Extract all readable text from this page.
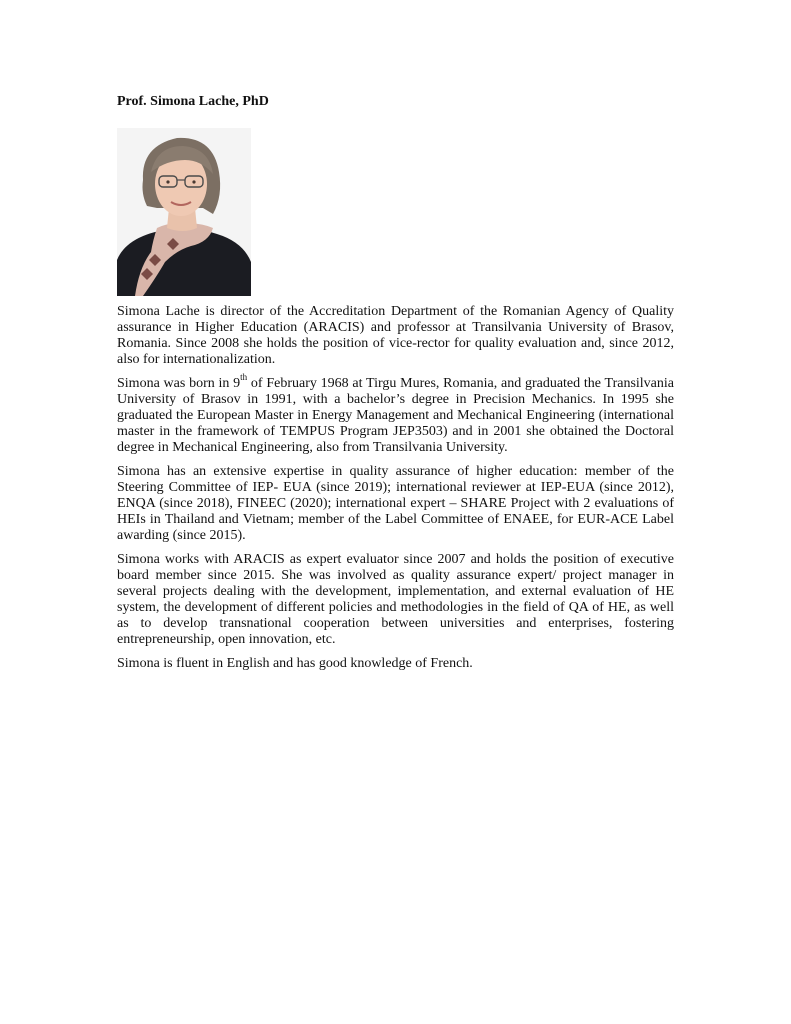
Prof. Simona Lache, PhD

Simona Lache is director of the Accreditation Department of the Romanian Agency of Quality assurance in Higher Education (ARACIS) and professor at Transilvania University of Brasov, Romania. Since 2008 she holds the position of vice-rector for quality evaluation and, since 2012, also for internationalization.

Simona was born in 9th of February 1968 at Tirgu Mures, Romania, and graduated the Transilvania University of Brasov in 1991, with a bachelor’s degree in Precision Mechanics. In 1995 she graduated the European Master in Energy Management and Mechanical Engineering (international master in the framework of TEMPUS Program JEP3503) and in 2001 she obtained the Doctoral degree in Mechanical Engineering, also from Transilvania University.

Simona has an extensive expertise in quality assurance of higher education: member of the Steering Committee of IEP- EUA (since 2019); international reviewer at IEP-EUA (since 2012), ENQA (since 2018), FINEEC (2020); international expert – SHARE Project with 2 evaluations of HEIs in Thailand and Vietnam; member of the Label Committee of ENAEE, for EUR-ACE Label awarding (since 2015).

Simona works with ARACIS as expert evaluator since 2007 and holds the position of executive board member since 2015. She was involved as quality assurance expert/ project manager in several projects dealing with the development, implementation, and external evaluation of HE system, the development of different policies and methodologies in the field of QA of HE, as well as to develop transnational cooperation between universities and enterprises, fostering entrepreneurship, open innovation, etc.

Simona is fluent in English and has good knowledge of French.
